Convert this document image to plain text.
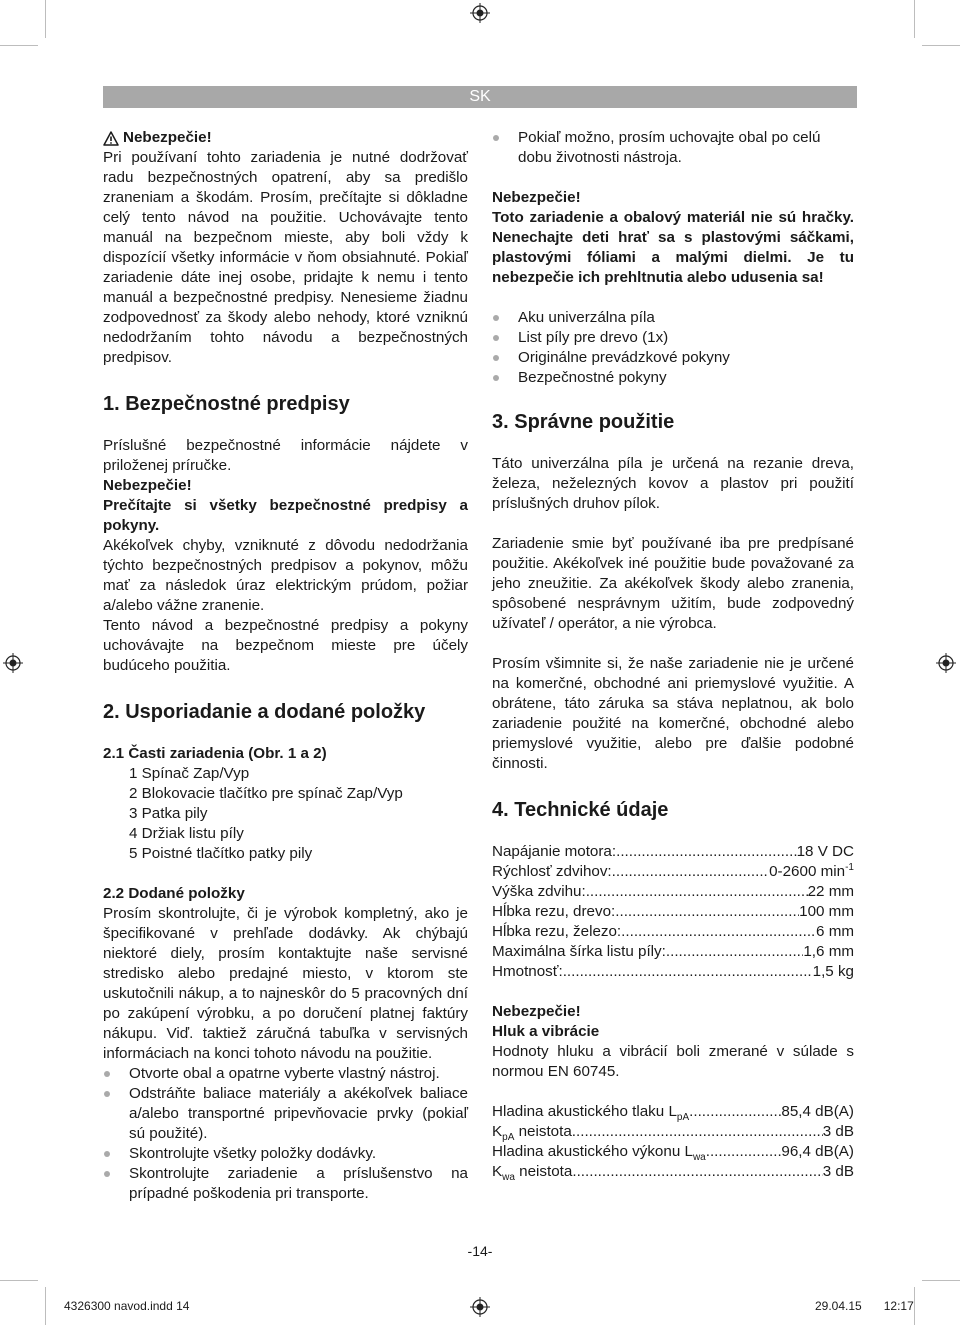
SK
Nebezpečie!

Pri používaní tohto zariadenia je nutné dodržovať radu bezpečnostných opatrení, aby sa predišlo zraneniam a škodám. Prosím, prečítajte si dôkladne celý tento návod na použitie. Uchovávajte tento manuál na bezpečnom mieste, aby boli vždy k dispozícií všetky informácie v ňom obsiahnuté. Pokiaľ zariadenie dáte inej osobe, pridajte k nemu i tento manuál a bezpečnostné predpisy. Nenesieme žiadnu zodpovednosť za škody alebo nehody, ktoré vzniknú nedodržaním tohto návodu a bezpečnostných predpisov.

1. Bezpečnostné predpisy

Príslušné bezpečnostné informácie nájdete v priloženej príručke.

Nebezpečie!

Prečítajte si všetky bezpečnostné predpisy a pokyny.

Akékoľvek chyby, vzniknuté z dôvodu nedodržania týchto bezpečnostných predpisov a pokynov, môžu mať za následok úraz elektrickým prúdom, požiar a/alebo vážne zranenie.

Tento návod a bezpečnostné predpisy a pokyny uchovávajte na bezpečnom mieste pre účely budúceho použitia.

2. Usporiadanie a dodané položky

2.1 Časti zariadenia (Obr. 1 a 2)

1 Spínač Zap/Vyp
2 Blokovacie tlačítko pre spínač Zap/Vyp
3 Patka pily
4 Držiak listu píly
5 Poistné tlačítko patky pily

2.2 Dodané položky

Prosím skontrolujte, či je výrobok kompletný, ako je špecifikované v prehľade dodávky. Ak chýbajú niektoré diely, prosím kontaktujte naše servisné stredisko alebo predajné miesto, v ktorom ste uskutočnili nákup, a to najneskôr do 5 pracovných dní po zakúpení výrobku, a po doručení platnej faktúry nákupu. Viď. taktiež záručná tabuľka v servisných informáciach na konci tohoto návodu na použitie.

Otvorte obal a opatrne vyberte vlastný nástroj.
Odstráňte baliace materiály a akékoľvek baliace a/alebo transportné pripevňovacie prvky (pokiaľ sú použité).
Skontrolujte všetky položky dodávky.
Skontrolujte zariadenie a príslušenstvo na prípadné poškodenia pri transporte.
Pokiaľ možno, prosím uchovajte obal po celú dobu životnosti nástroja.

Nebezpečie!

Toto zariadenie a obalový materiál nie sú hračky. Nenechajte deti hrať sa s plastovými sáčkami, plastovými fóliami a malými dielmi. Je tu nebezpečie ich prehltnutia alebo udusenia sa!

Aku univerzálna píla
List píly pre drevo (1x)
Originálne prevádzkové pokyny
Bezpečnostné pokyny
3. Správne použitie

Táto univerzálna píla je určená na rezanie dreva, železa, neželezných kovov a plastov pri použití príslušných druhov pílok.

Zariadenie smie byť používané iba pre predpísané použitie. Akékoľvek iné použitie bude považované za jeho zneužitie. Za akékoľvek škody alebo zranenia, spôsobené nesprávnym užitím, bude zodpovedný užívateľ / operátor, a nie výrobca.

Prosím všimnite si, že naše zariadenie nie je určené na komerčné, obchodné ani priemyslové využitie. A obrátene, táto záruka sa stáva neplatnou, ak bolo zariadenie použité na komerčné, obchodné alebo priemyslové využitie, alebo pre ďalšie podobné činnosti.

4. Technické údaje
Napájanie motora: .....	18 V DC
Rýchlosť zdvihov: .....	0-2600 $\min^{-1}$
Výška zdvihu: .....	22 mm
Hĺbka rezu, drevo: .....	100 mm
Hĺbka rezu, železo: .....	6 mm
Maximálna šírka listu píly: .....	1,6 mm
Hmotnosť: .....	1,5 kg

Nebezpečie!

Hluk a vibrácie

Hodnoty hluku a vibrácií boli zmerané v súlade s normou EN 60745.

Hladina akustického tlaku $L_{pA}$ .....	85,4 dB(A)
$K_{pA}$ neistota .....	3 dB
Hladina akustického výkonu $L_{wa}$ .....	96,4 dB(A)
$K_{wa}$ neistota .....	3 dB
-14-
4326300 navod.indd 14	29.04.15 12:17
